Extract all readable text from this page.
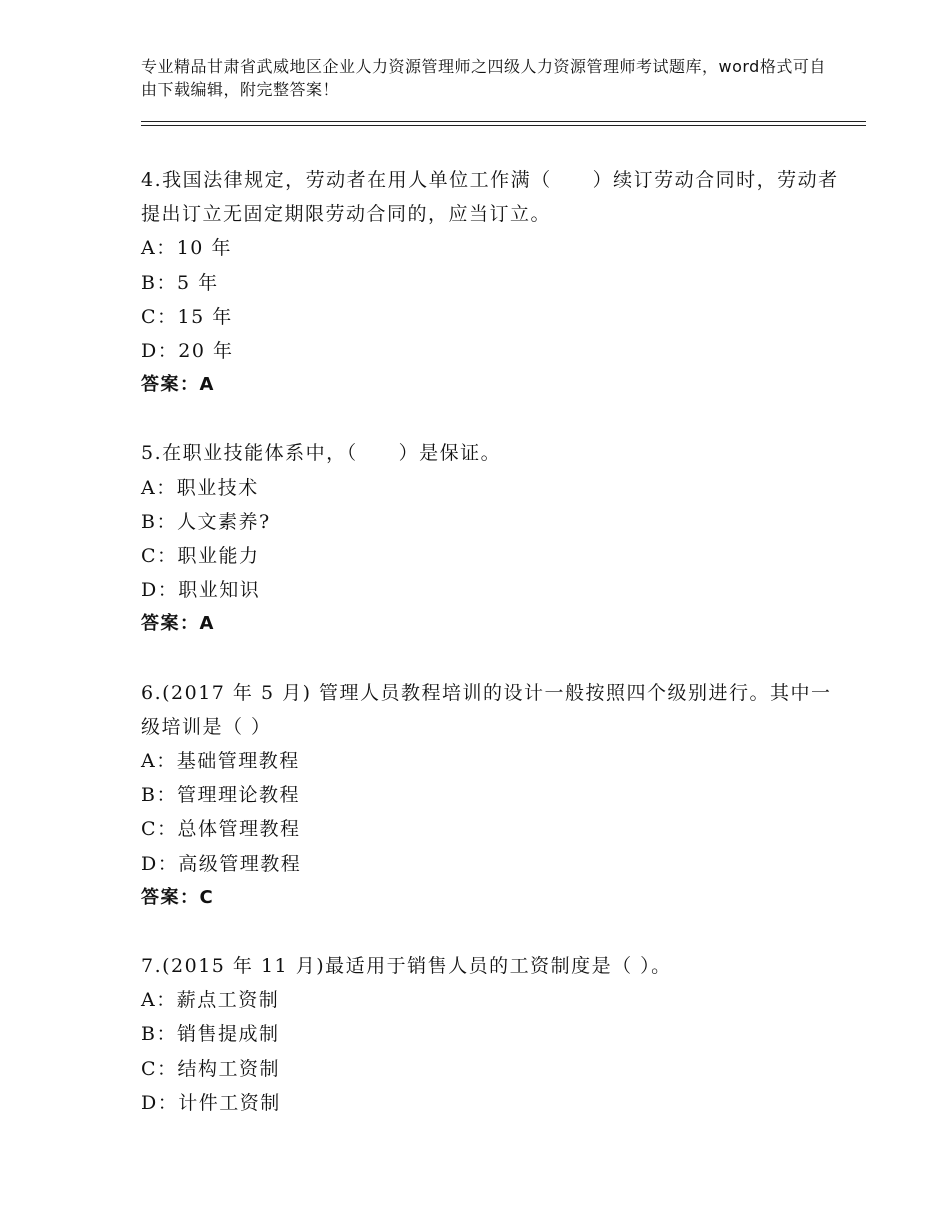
专业精品甘肃省武威地区企业人力资源管理师之四级人力资源管理师考试题库，word格式可自由下载编辑，附完整答案！

4.我国法律规定，劳动者在用人单位工作满（　　）续订劳动合同时，劳动者提出订立无固定期限劳动合同的，应当订立。

A：10 年

B：5 年

C：15 年

D：20 年

答案：A

5.在职业技能体系中，（　　）是保证。

A：职业技术

B：人文素养?

C：职业能力

D：职业知识

答案：A

6.(2017 年 5 月) 管理人员教程培训的设计一般按照四个级别进行。其中一级培训是（ ）

A：基础管理教程

B：管理理论教程

C：总体管理教程

D：高级管理教程

答案：C

7.(2015 年 11 月)最适用于销售人员的工资制度是（ ）。

A：薪点工资制

B：销售提成制

C：结构工资制

D：计件工资制
